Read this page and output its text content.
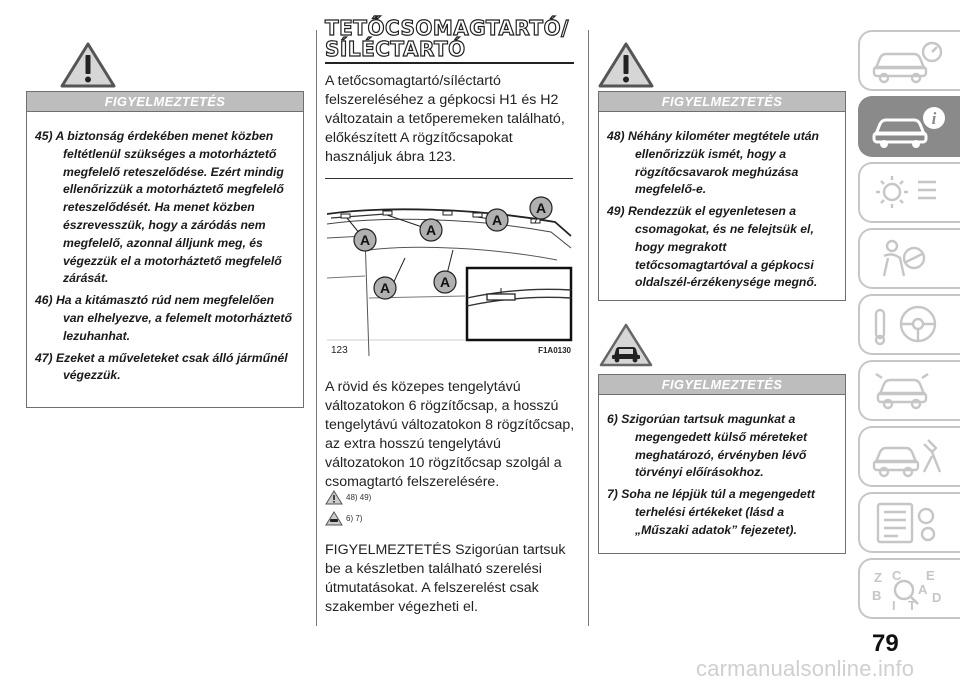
FIGYELMEZTETÉS

45) A biztonság érdekében menet közben feltétlenül szükséges a motorháztető megfelelő reteszelődése. Ezért mindig ellenőrizzük a motorháztető megfelelő reteszelődését. Ha menet közben észrevesszük, hogy a záródás nem megfelelő, azonnal álljunk meg, és végezzük el a motorháztető megfelelő zárását.

46) Ha a kitámasztó rúd nem megfelelően van elhelyezve, a felemelt motorháztető lezuhanhat.

47) Ezeket a műveleteket csak álló járműnél végezzük.

TETŐCSOMAGTARTÓ/ SÍLÉCTARTÓ

A tetőcsomagtartó/síléctartó felszereléséhez a gépkocsi H1 és H2 változatain a tetőperemeken található, előkészített A rögzítőcsapokat használjuk ábra 123.

A
A
A
A
A	A
123	F1A0130

A rövid és közepes tengelytávú változatokon 6 rögzítőcsap, a hosszú tengelytávú változatokon 8 rögzítőcsap, az extra hosszú tengelytávú változatokon 10 rögzítőcsap szolgál a csomagtartó felszerelésére.

48) 49)
6) 7)

FIGYELMEZTETÉS Szigorúan tartsuk be a készletben található szerelési útmutatásokat. A felszerelést csak szakember végezheti el.

FIGYELMEZTETÉS

48) Néhány kilométer megtétele után ellenőrizzük ismét, hogy a rögzítőcsavarok meghúzása megfelelő-e.

49) Rendezzük el egyenletesen a csomagokat, és ne felejtsük el, hogy megrakott tetőcsomagtartóval a gépkocsi oldalszél-érzékenysége megnő.

FIGYELMEZTETÉS

6) Szigorúan tartsuk magunkat a megengedett külső méreteket meghatározó, érvényben lévő törvényi előírásokhoz.

7) Soha ne lépjük túl a megengedett terhelési értékeket (lásd a „Műszaki adatok” fejezetet).

i
Z	E
B	D
C
T
A
I
79
carmanualsonline.info
